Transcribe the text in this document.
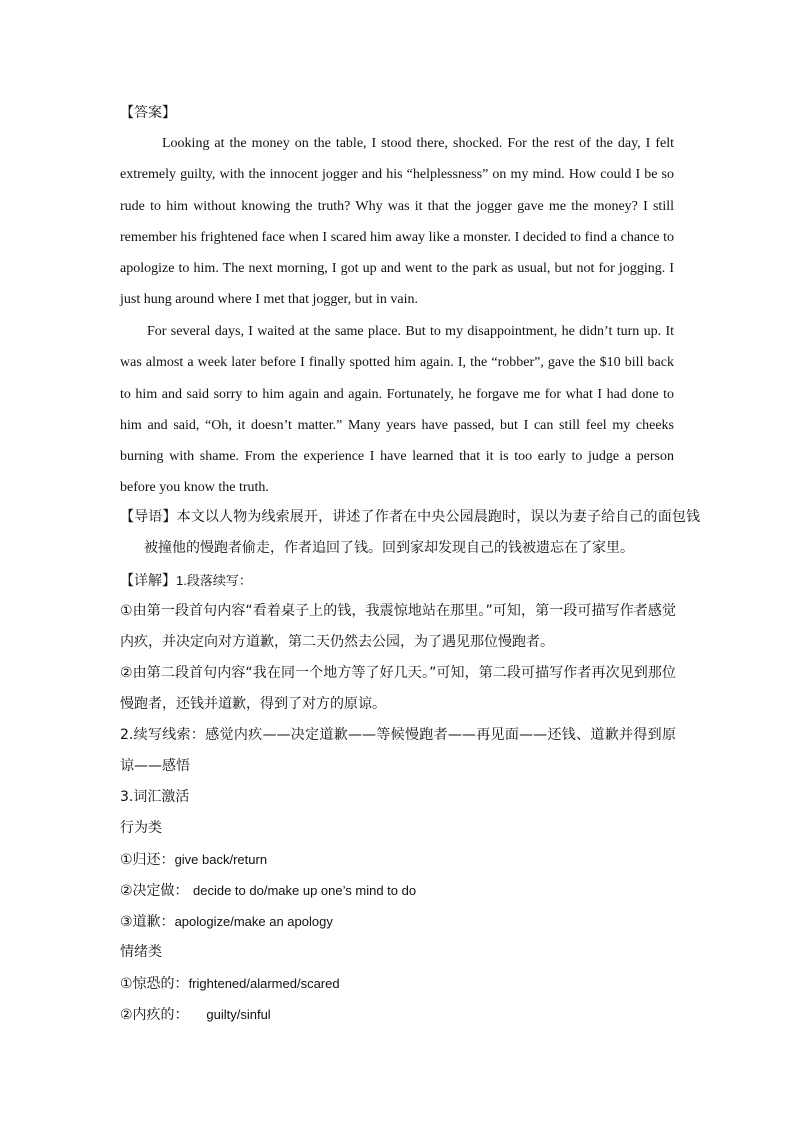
【答案】

Looking at the money on the table, I stood there, shocked. For the rest of the day, I felt extremely guilty, with the innocent jogger and his “helplessness” on my mind. How could I be so rude to him without knowing the truth? Why was it that the jogger gave me the money? I still remember his frightened face when I scared him away like a monster. I decided to find a chance to apologize to him. The next morning, I got up and went to the park as usual, but not for jogging. I just hung around where I met that jogger, but in vain.

For several days, I waited at the same place. But to my disappointment, he didn’t turn up. It was almost a week later before I finally spotted him again. I, the “robber”, gave the $10 bill back to him and said sorry to him again and again. Fortunately, he forgave me for what I had done to him and said, “Oh, it doesn’t matter.” Many years have passed, but I can still feel my cheeks burning with shame. From the experience I have learned that it is too early to judge a person before you know the truth.

【导语】本文以人物为线索展开，讲述了作者在中央公园晨跑时，误以为妻子给自己的面包钱被撞他的慢跑者偷走，作者追回了钱。回到家却发现自己的钱被遗忘在了家里。

【详解】1.段落续写：

①由第一段首句内容“看着桌子上的钱，我震惊地站在那里。”可知，第一段可描写作者感觉内疚，并决定向对方道歉，第二天仍然去公园，为了遇见那位慢跑者。

②由第二段首句内容“我在同一个地方等了好几天。”可知，第二段可描写作者再次见到那位慢跑者，还钱并道歉，得到了对方的原谅。

2.续写线索：感觉内疚——决定道歉——等候慢跑者——再见面——还钱、道歉并得到原谅——感悟

3.词汇激活

行为类

①归还：give back/return

②决定做： decide to do/make up one’s mind to do

③道歉：apologize/make an apology

情绪类

①惊恐的：frightened/alarmed/scared

②内疚的： guilty/sinful
